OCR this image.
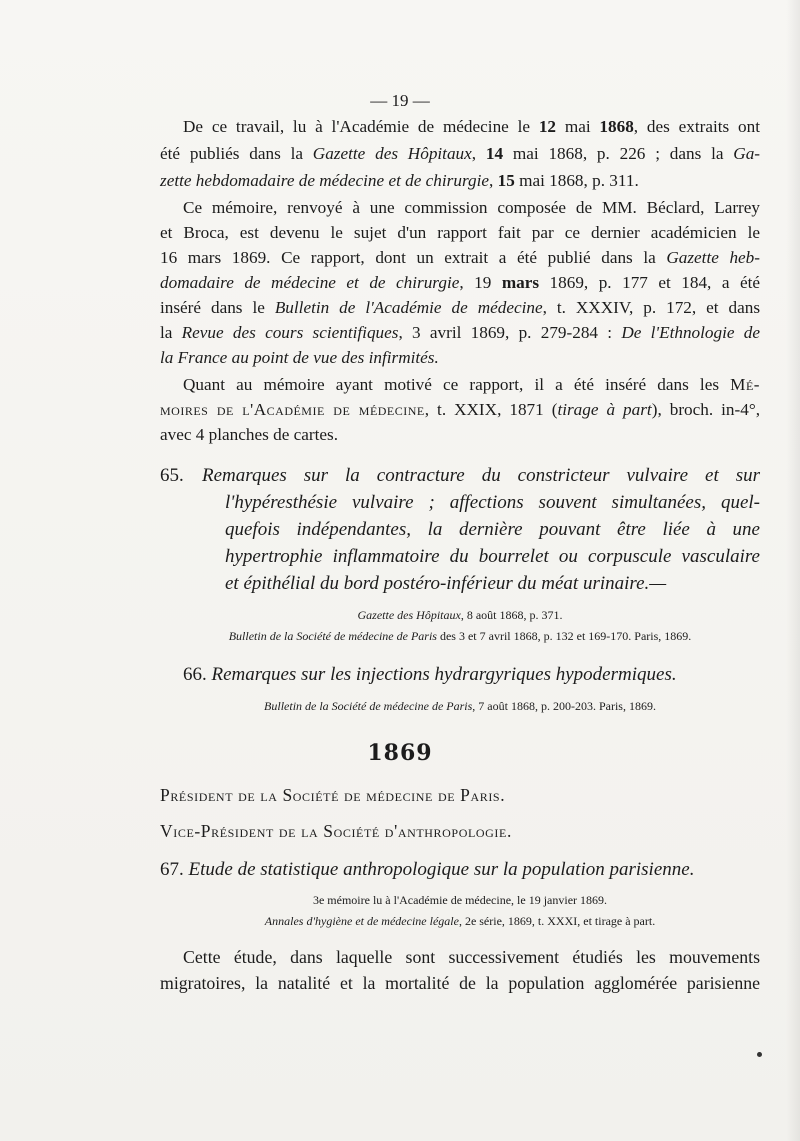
— 19 —
De ce travail, lu à l'Académie de médecine le 12 mai 1868, des extraits ont
été publiés dans la Gazette des Hôpitaux, 14 mai 1868, p. 226 ; dans la Ga-
zette hebdomadaire de médecine et de chirurgie, 15 mai 1868, p. 311.
Ce mémoire, renvoyé à une commission composée de MM. Béclard, Larrey
et Broca, est devenu le sujet d'un rapport fait par ce dernier académicien le
16 mars 1869. Ce rapport, dont un extrait a été publié dans la Gazette heb-
domadaire de médecine et de chirurgie, 19 mars 1869, p. 177 et 184, a été
inséré dans le Bulletin de l'Académie de médecine, t. XXXIV, p. 172, et dans
la Revue des cours scientifiques, 3 avril 1869, p. 279-284 : De l'Ethnologie de
la France au point de vue des infirmités.
Quant au mémoire ayant motivé ce rapport, il a été inséré dans les Mé-
moires de l'Académie de médecine, t. XXIX, 1871 (tirage à part), broch. in-4°,
avec 4 planches de cartes.
65. Remarques sur la contracture du constricteur vulvaire et sur
l'hypéresthésie vulvaire ; affections souvent simultanées, quel-
quefois indépendantes, la dernière pouvant être liée à une
hypertrophie inflammatoire du bourrelet ou corpuscule vasculaire
et épithélial du bord postéro-inférieur du méat urinaire.—
Gazette des Hôpitaux, 8 août 1868, p. 371.
Bulletin de la Société de médecine de Paris des 3 et 7 avril 1868, p. 132 et 169-170. Paris, 1869.
66. Remarques sur les injections hydrargyriques hypodermiques.
Bulletin de la Société de médecine de Paris, 7 août 1868, p. 200-203. Paris, 1869.
1869
Président de la Société de médecine de Paris.
Vice-Président de la Société d'anthropologie.
67. Etude de statistique anthropologique sur la population parisienne.
3e mémoire lu à l'Académie de médecine, le 19 janvier 1869.
Annales d'hygiène et de médecine légale, 2e série, 1869, t. XXXI, et tirage à part.
Cette étude, dans laquelle sont successivement étudiés les mouvements
migratoires, la natalité et la mortalité de la population agglomérée parisienne
